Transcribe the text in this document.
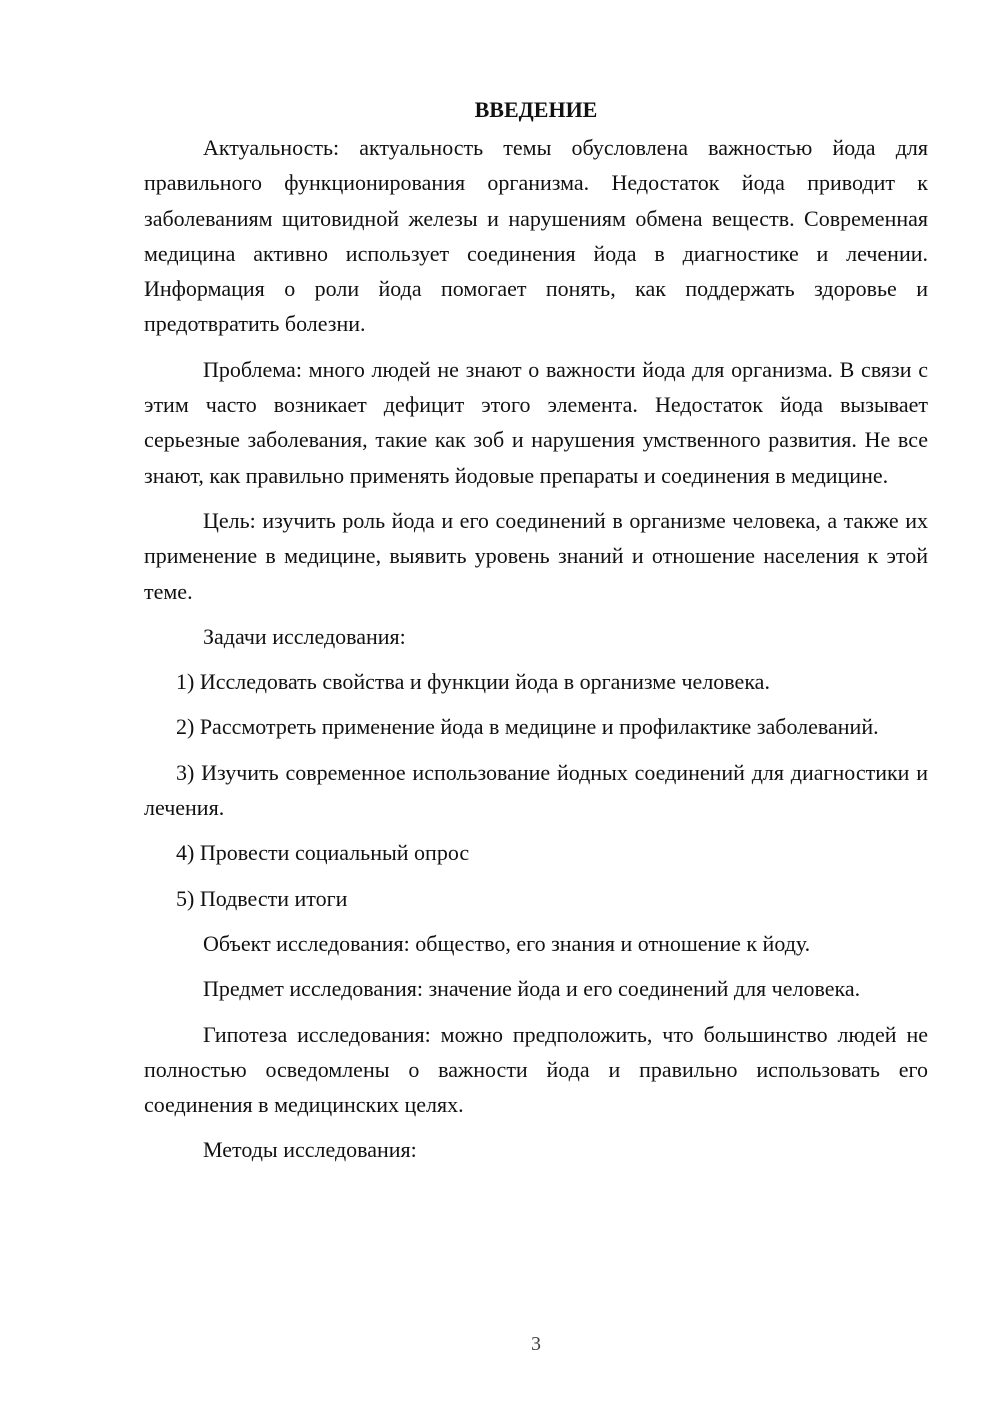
ВВЕДЕНИЕ

Актуальность: актуальность темы обусловлена важностью йода для правильного функционирования организма. Недостаток йода приводит к заболеваниям щитовидной железы и нарушениям обмена веществ. Современная медицина активно использует соединения йода в диагностике и лечении. Информация о роли йода помогает понять, как поддержать здоровье и предотвратить болезни.

Проблема: много людей не знают о важности йода для организма. В связи с этим часто возникает дефицит этого элемента. Недостаток йода вызывает серьезные заболевания, такие как зоб и нарушения умственного развития. Не все знают, как правильно применять йодовые препараты и соединения в медицине.

Цель: изучить роль йода и его соединений в организме человека, а также их применение в медицине, выявить уровень знаний и отношение населения к этой теме.

Задачи исследования:

1) Исследовать свойства и функции йода в организме человека.

2) Рассмотреть применение йода в медицине и профилактике заболеваний.

3) Изучить современное использование йодных соединений для диагностики и лечения.

4) Провести социальный опрос

5) Подвести итоги

Объект исследования: общество, его знания и отношение к йоду.

Предмет исследования: значение йода и его соединений для человека.

Гипотеза исследования: можно предположить, что большинство людей не полностью осведомлены о важности йода и правильно использовать его соединения в медицинских целях.

Методы исследования:

3
